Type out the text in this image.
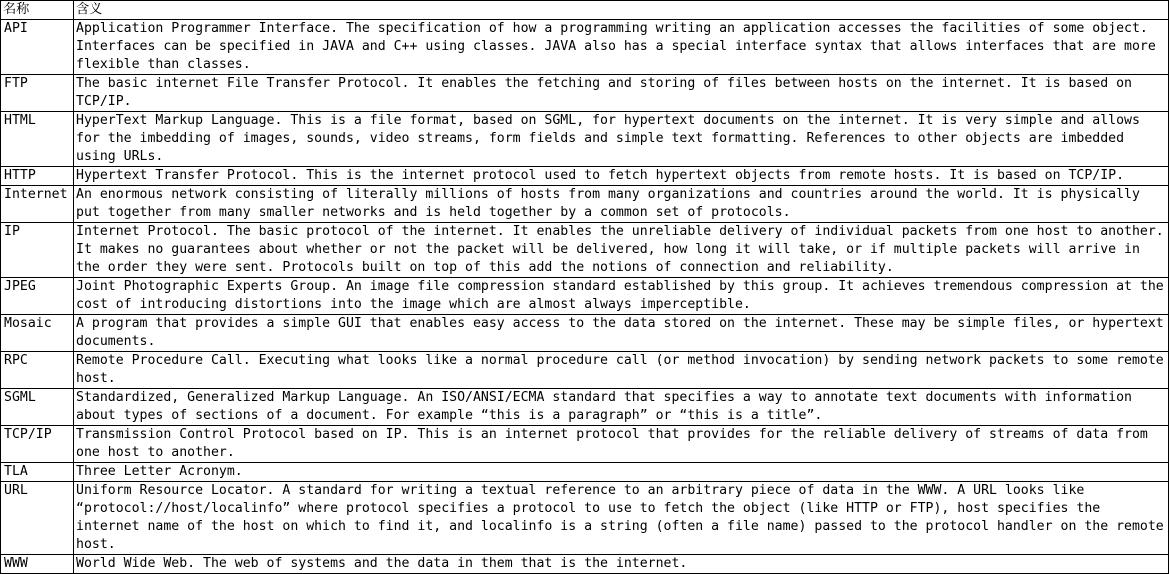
名称	含义
API	Application Programmer Interface. The specification of how a programming writing an application accesses the facilities of some object. Interfaces can be specified in JAVA and C++ using classes. JAVA also has a special interface syntax that allows interfaces that are more flexible than classes.
FTP	The basic internet File Transfer Protocol. It enables the fetching and storing of files between hosts on the internet. It is based on TCP/IP.
HTML	HyperText Markup Language. This is a file format, based on SGML, for hypertext documents on the internet. It is very simple and allows for the imbedding of images, sounds, video streams, form fields and simple text formatting. References to other objects are imbedded using URLs.
HTTP	Hypertext Transfer Protocol. This is the internet protocol used to fetch hypertext objects from remote hosts. It is based on TCP/IP.
Internet	An enormous network consisting of literally millions of hosts from many organizations and countries around the world. It is physically put together from many smaller networks and is held together by a common set of protocols.
IP	Internet Protocol. The basic protocol of the internet. It enables the unreliable delivery of individual packets from one host to another. It makes no guarantees about whether or not the packet will be delivered, how long it will take, or if multiple packets will arrive in the order they were sent. Protocols built on top of this add the notions of connection and reliability.
JPEG	Joint Photographic Experts Group. An image file compression standard established by this group. It achieves tremendous compression at the cost of introducing distortions into the image which are almost always imperceptible.
Mosaic	A program that provides a simple GUI that enables easy access to the data stored on the internet. These may be simple files, or hypertext documents.
RPC	Remote Procedure Call. Executing what looks like a normal procedure call (or method invocation) by sending network packets to some remote host.
SGML	Standardized, Generalized Markup Language. An ISO/ANSI/ECMA standard that specifies a way to annotate text documents with information about types of sections of a document. For example “this is a paragraph” or “this is a title”.
TCP/IP	Transmission Control Protocol based on IP. This is an internet protocol that provides for the reliable delivery of streams of data from one host to another.
TLA	Three Letter Acronym.
URL	Uniform Resource Locator. A standard for writing a textual reference to an arbitrary piece of data in the WWW. A URL looks like “protocol://host/localinfo” where protocol specifies a protocol to use to fetch the object (like HTTP or FTP), host specifies the internet name of the host on which to find it, and localinfo is a string (often a file name) passed to the protocol handler on the remote host.
WWW	World Wide Web. The web of systems and the data in them that is the internet.
